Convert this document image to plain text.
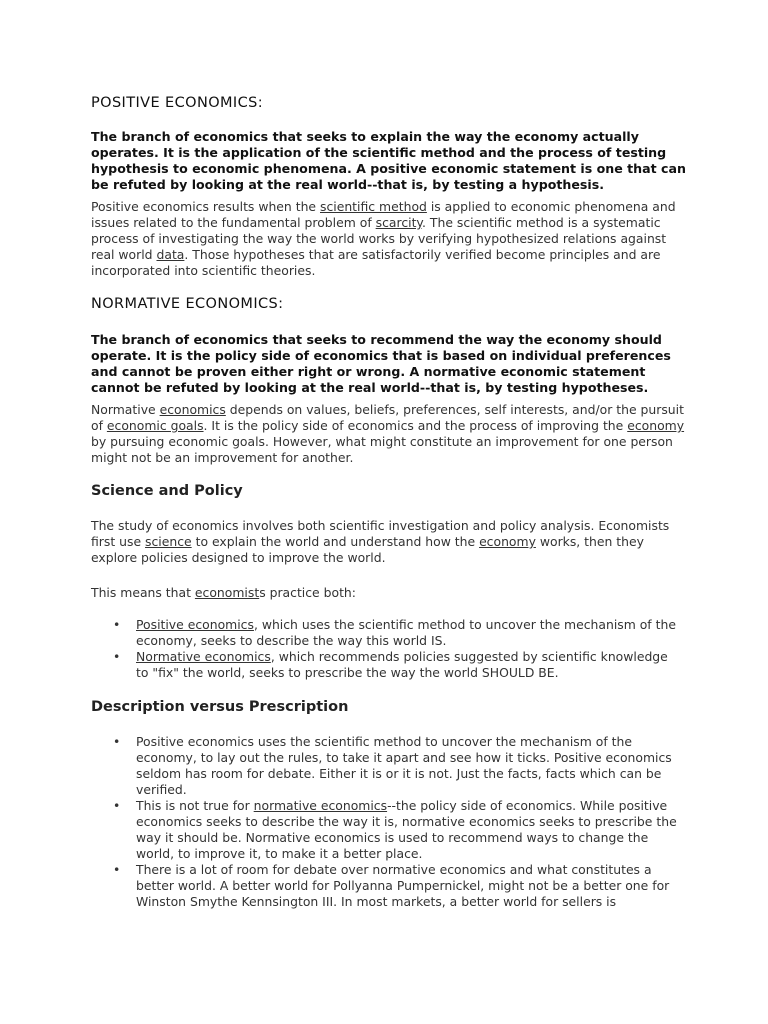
POSITIVE ECONOMICS:

The branch of economics that seeks to explain the way the economy actually operates. It is the application of the scientific method and the process of testing hypothesis to economic phenomena. A positive economic statement is one that can be refuted by looking at the real world--that is, by testing a hypothesis.

Positive economics results when the scientific method is applied to economic phenomena and issues related to the fundamental problem of scarcity. The scientific method is a systematic process of investigating the way the world works by verifying hypothesized relations against real world data. Those hypotheses that are satisfactorily verified become principles and are incorporated into scientific theories.

NORMATIVE ECONOMICS:

The branch of economics that seeks to recommend the way the economy should operate. It is the policy side of economics that is based on individual preferences and cannot be proven either right or wrong. A normative economic statement cannot be refuted by looking at the real world--that is, by testing hypotheses.

Normative economics depends on values, beliefs, preferences, self interests, and/or the pursuit of economic goals. It is the policy side of economics and the process of improving the economy by pursuing economic goals. However, what might constitute an improvement for one person might not be an improvement for another.

Science and Policy

The study of economics involves both scientific investigation and policy analysis. Economists first use science to explain the world and understand how the economy works, then they explore policies designed to improve the world.

This means that economists practice both:

• Positive economics, which uses the scientific method to uncover the mechanism of the economy, seeks to describe the way this world IS.
• Normative economics, which recommends policies suggested by scientific knowledge to "fix" the world, seeks to prescribe the way the world SHOULD BE.
Description versus Prescription
• Positive economics uses the scientific method to uncover the mechanism of the economy, to lay out the rules, to take it apart and see how it ticks. Positive economics seldom has room for debate. Either it is or it is not. Just the facts, facts which can be verified.
• This is not true for normative economics--the policy side of economics. While positive economics seeks to describe the way it is, normative economics seeks to prescribe the way it should be. Normative economics is used to recommend ways to change the world, to improve it, to make it a better place.
• There is a lot of room for debate over normative economics and what constitutes a better world. A better world for Pollyanna Pumpernickel, might not be a better one for Winston Smythe Kennsington III. In most markets, a better world for sellers is
